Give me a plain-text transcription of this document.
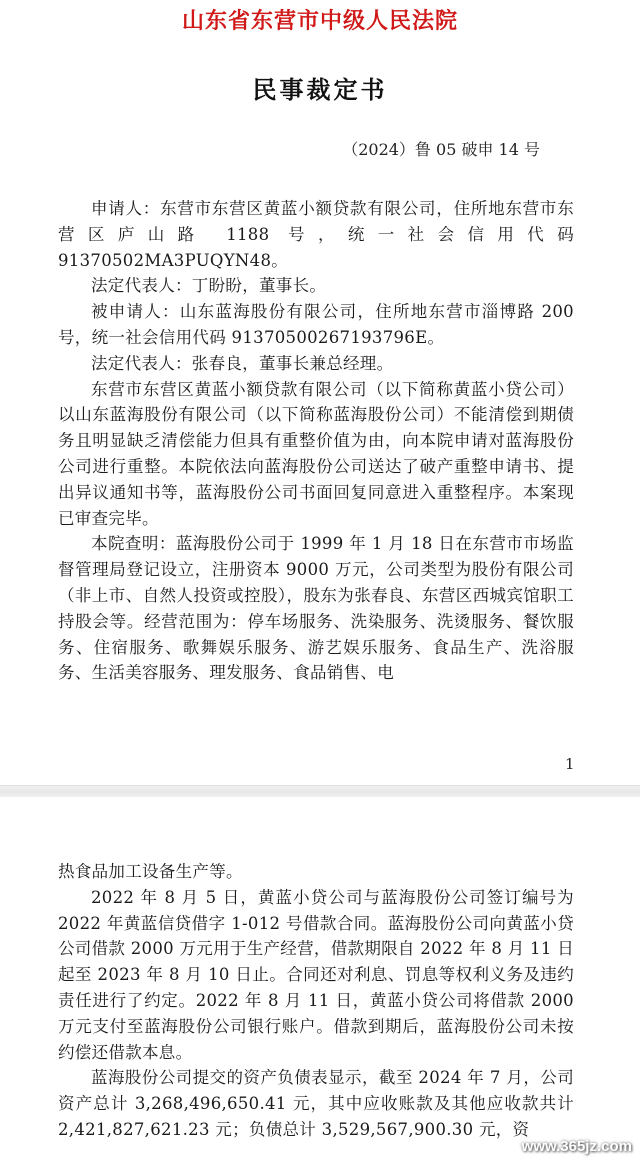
山东省东营市中级人民法院
民事裁定书
（2024）鲁 05 破申 14 号

申请人：东营市东营区黄蓝小额贷款有限公司，住所地东营市东营区庐山路 1188 号，统一社会信用代码 91370502MA3PUQYN48。

法定代表人：丁盼盼，董事长。

被申请人：山东蓝海股份有限公司，住所地东营市淄博路 200 号，统一社会信用代码 91370500267193796E。

法定代表人：张春良，董事长兼总经理。

东营市东营区黄蓝小额贷款有限公司（以下简称黄蓝小贷公司）以山东蓝海股份有限公司（以下简称蓝海股份公司）不能清偿到期债务且明显缺乏清偿能力但具有重整价值为由，向本院申请对蓝海股份公司进行重整。本院依法向蓝海股份公司送达了破产重整申请书、提出异议通知书等，蓝海股份公司书面回复同意进入重整程序。本案现已审查完毕。

本院查明：蓝海股份公司于 1999 年 1 月 18 日在东营市市场监督管理局登记设立，注册资本 9000 万元，公司类型为股份有限公司（非上市、自然人投资或控股），股东为张春良、东营区西城宾馆职工持股会等。经营范围为：停车场服务、洗染服务、洗烫服务、餐饮服务、住宿服务、歌舞娱乐服务、游艺娱乐服务、食品生产、洗浴服务、生活美容服务、理发服务、食品销售、电

1

热食品加工设备生产等。

2022 年 8 月 5 日，黄蓝小贷公司与蓝海股份公司签订编号为 2022 年黄蓝信贷借字 1-012 号借款合同。蓝海股份公司向黄蓝小贷公司借款 2000 万元用于生产经营，借款期限自 2022 年 8 月 11 日起至 2023 年 8 月 10 日止。合同还对利息、罚息等权利义务及违约责任进行了约定。2022 年 8 月 11 日，黄蓝小贷公司将借款 2000 万元支付至蓝海股份公司银行账户。借款到期后，蓝海股份公司未按约偿还借款本息。

蓝海股份公司提交的资产负债表显示，截至 2024 年 7 月，公司资产总计 3,268,496,650.41 元，其中应收账款及其他应收款共计 2,421,827,621.23 元；负债总计 3,529,567,900.30 元，资

www.365jz.com
